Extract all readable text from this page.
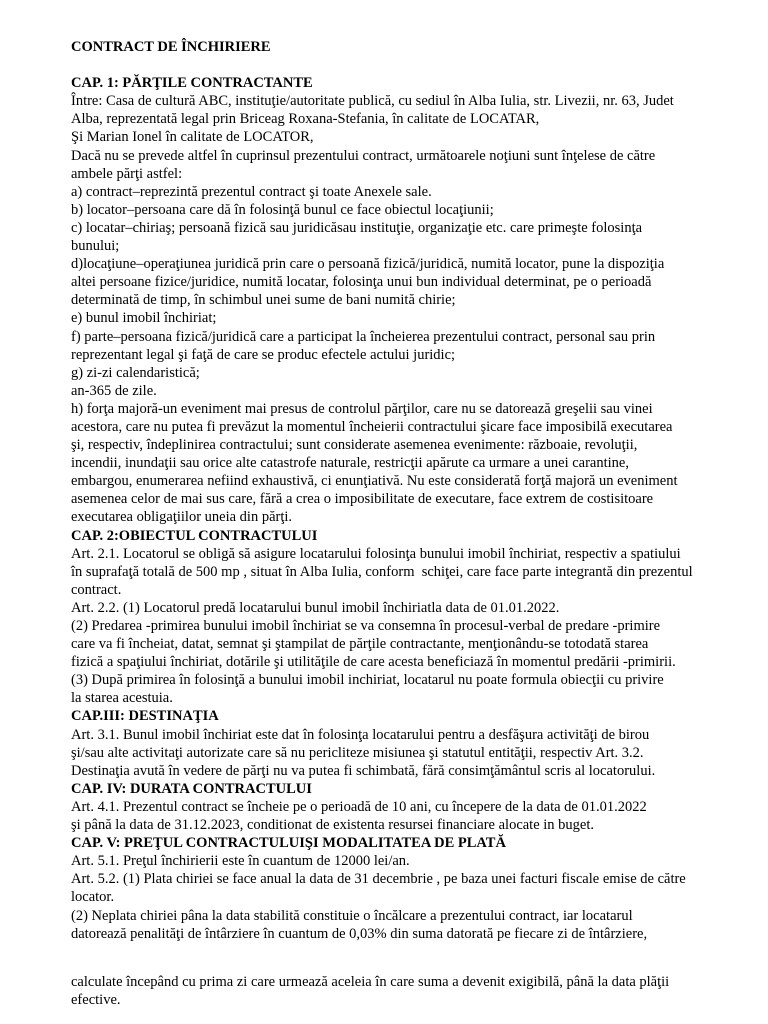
CONTRACT DE ÎNCHIRIERE
CAP. 1: PĂRŢILE CONTRACTANTE
Între: Casa de cultură ABC, instituţie/autoritate publică, cu sediul în Alba Iulia, str. Livezii, nr. 63, Judet
Alba, reprezentată legal prin Briceag Roxana-Stefania, în calitate de LOCATAR,
Şi Marian Ionel în calitate de LOCATOR,
Dacă nu se prevede altfel în cuprinsul prezentului contract, următoarele noţiuni sunt înţelese de către
ambele părţi astfel:
a) contract–reprezintă prezentul contract şi toate Anexele sale.
b) locator–persoana care dă în folosinţă bunul ce face obiectul locaţiunii;
c) locatar–chiriaş; persoană fizică sau juridicăsau instituţie, organizaţie etc. care primeşte folosinţa
bunului;
d)locaţiune–operaţiunea juridică prin care o persoană fizică/juridică, numită locator, pune la dispoziţia
altei persoane fizice/juridice, numită locatar, folosinţa unui bun individual determinat, pe o perioadă
determinată de timp, în schimbul unei sume de bani numită chirie;
e) bunul imobil închiriat;
f) parte–persoana fizică/juridică care a participat la încheierea prezentului contract, personal sau prin
reprezentant legal şi faţă de care se produc efectele actului juridic;
g) zi-zi calendaristică;
an-365 de zile.
h) forţa majoră-un eveniment mai presus de controlul părţilor, care nu se datorează greşelii sau vinei
acestora, care nu putea fi prevăzut la momentul încheierii contractului şicare face imposibilă executarea
şi, respectiv, îndeplinirea contractului; sunt considerate asemenea evenimente: războaie, revoluţii,
incendii, inundaţii sau orice alte catastrofe naturale, restricţii apărute ca urmare a unei carantine,
embargou, enumerarea nefiind exhaustivă, ci enunţiativă. Nu este considerată forţă majoră un eveniment
asemenea celor de mai sus care, fără a crea o imposibilitate de executare, face extrem de costisitoare
executarea obligaţiilor uneia din părţi.
CAP. 2:OBIECTUL CONTRACTULUI
Art. 2.1. Locatorul se obligă să asigure locatarului folosinţa bunului imobil închiriat, respectiv a spatiului
în suprafaţă totală de 500 mp , situat în Alba Iulia, conform  schiţei, care face parte integrantă din prezentul
contract.
Art. 2.2. (1) Locatorul predă locatarului bunul imobil închiriatla data de 01.01.2022.
(2) Predarea -primirea bunului imobil închiriat se va consemna în procesul-verbal de predare -primire
care va fi încheiat, datat, semnat şi ştampilat de părţile contractante, menţionându-se totodată starea
fizică a spaţiului închiriat, dotările şi utilităţile de care acesta beneficiază în momentul predării -primirii.
(3) După primirea în folosinţă a bunului imobil inchiriat, locatarul nu poate formula obiecţii cu privire
la starea acestuia.
CAP.III: DESTINAŢIA
Art. 3.1. Bunul imobil închiriat este dat în folosinţa locatarului pentru a desfăşura activităţi de birou
şi/sau alte activitaţi autorizate care să nu pericliteze misiunea şi statutul entităţii, respectiv Art. 3.2.
Destinaţia avută în vedere de părţi nu va putea fi schimbată, fără consimţământul scris al locatorului.
CAP. IV: DURATA CONTRACTULUI
Art. 4.1. Prezentul contract se încheie pe o perioadă de 10 ani, cu începere de la data de 01.01.2022
şi până la data de 31.12.2023, conditionat de existenta resursei financiare alocate in buget.
CAP. V: PREŢUL CONTRACTULUIŞI MODALITATEA DE PLATĂ
Art. 5.1. Preţul închirierii este în cuantum de 12000 lei/an.
Art. 5.2. (1) Plata chiriei se face anual la data de 31 decembrie , pe baza unei facturi fiscale emise de către
locator.
(2) Neplata chiriei pâna la data stabilită constituie o încălcare a prezentului contract, iar locatarul
datorează penalităţi de întârziere în cuantum de 0,03% din suma datorată pe fiecare zi de întârziere,
calculate începând cu prima zi care urmează aceleia în care suma a devenit exigibilă, până la data plăţii
efective.
